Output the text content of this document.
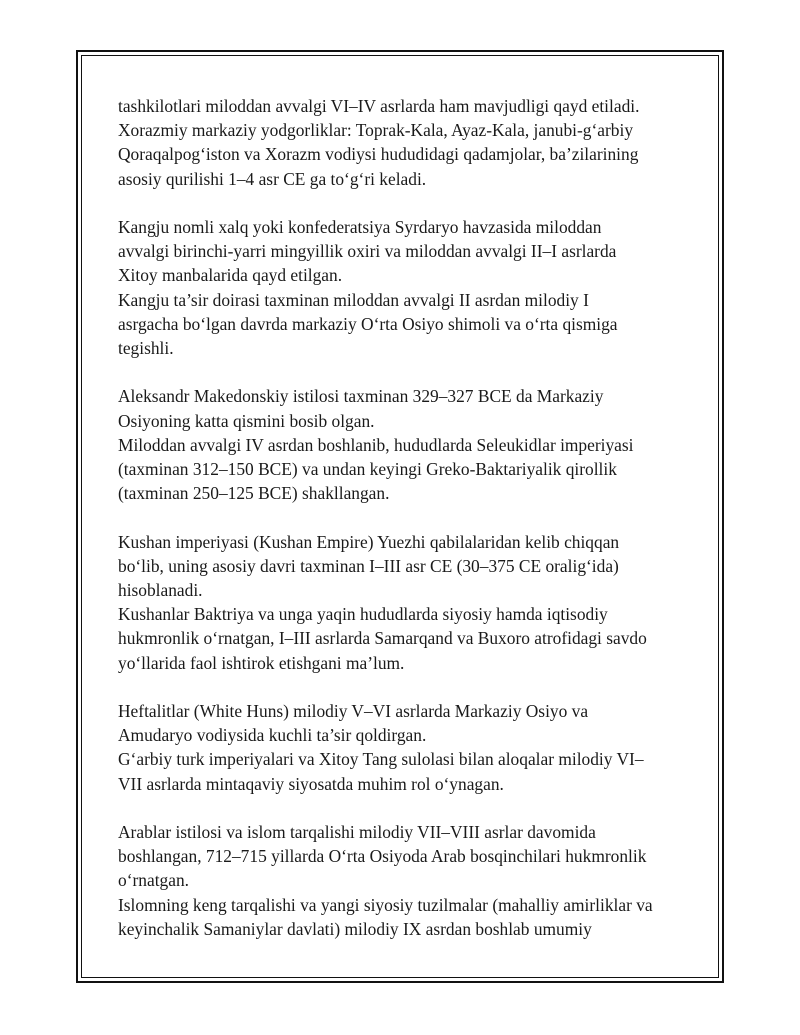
tashkilotlari miloddan avvalgi VI–IV asrlarda ham mavjudligi qayd etiladi.
Xorazmiy markaziy yodgorliklar: Toprak-Kala, Ayaz-Kala, janubi-g‘arbiy
Qoraqalpog‘iston va Xorazm vodiysi hududidagi qadamjolar, ba’zilarining
asosiy qurilishi 1–4 asr CE ga to‘g‘ri keladi.

Kangju nomli xalq yoki konfederatsiya Syrdaryo havzasida miloddan
avvalgi birinchi-yarri mingyillik oxiri va miloddan avvalgi II–I asrlarda
Xitoy manbalarida qayd etilgan.
Kangju ta’sir doirasi taxminan miloddan avvalgi II asrdan milodiy I
asrgacha bo‘lgan davrda markaziy O‘rta Osiyo shimoli va o‘rta qismiga
tegishli.

Aleksandr Makedonskiy istilosi taxminan 329–327 BCE da Markaziy
Osiyoning katta qismini bosib olgan.
Miloddan avvalgi IV asrdan boshlanib, hududlarda Seleukidlar imperiyasi
(taxminan 312–150 BCE) va undan keyingi Greko-Baktariyalik qirollik
(taxminan 250–125 BCE) shakllangan.

Kushan imperiyasi (Kushan Empire) Yuezhi qabilalaridan kelib chiqqan
bo‘lib, uning asosiy davri taxminan I–III asr CE (30–375 CE oralig‘ida)
hisoblanadi.
Kushanlar Baktriya va unga yaqin hududlarda siyosiy hamda iqtisodiy
hukmronlik o‘rnatgan, I–III asrlarda Samarqand va Buxoro atrofidagi savdo
yo‘llarida faol ishtirok etishgani ma’lum.

Heftalitlar (White Huns) milodiy V–VI asrlarda Markaziy Osiyo va
Amudaryo vodiysida kuchli ta’sir qoldirgan.
G‘arbiy turk imperiyalari va Xitoy Tang sulolasi bilan aloqalar milodiy VI–
VII asrlarda mintaqaviy siyosatda muhim rol o‘ynagan.

Arablar istilosi va islom tarqalishi milodiy VII–VIII asrlar davomida
boshlangan, 712–715 yillarda O‘rta Osiyoda Arab bosqinchilari hukmronlik
o‘rnatgan.
Islomning keng tarqalishi va yangi siyosiy tuzilmalar (mahalliy amirliklar va
keyinchalik Samaniylar davlati) milodiy IX asrdan boshlab umumiy
